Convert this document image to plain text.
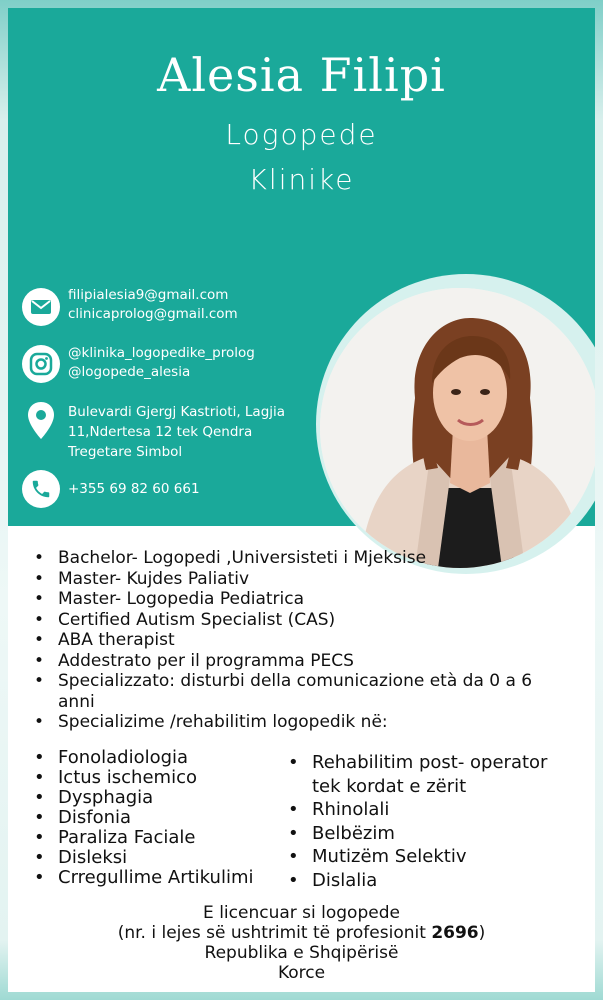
Alesia Filipi
Logopede
Klinike
filipialesia9@gmail.com
clinicaprolog@gmail.com
@klinika_logopedike_prolog
@logopede_alesia
Bulevardi Gjergj Kastrioti, Lagjia
11,Ndertesa 12 tek Qendra
Tregetare Simbol
+355 69 82 60 661
• Bachelor- Logopedi ,Universisteti i Mjeksise
• Master- Kujdes Paliativ
• Master- Logopedia Pediatrica
• Certified Autism Specialist (CAS)
• ABA therapist
• Addestrato per il programma PECS
• Specializzato: disturbi della comunicazione età da 0 a 6 anni
• Specializime /rehabilitim logopedik në:
• Fonoladiologia
• Ictus ischemico
• Dysphagia
• Disfonia
• Paraliza Faciale
• Disleksi
• Crregullime Artikulimi
• Rehabilitim post- operator tek kordat e zërit
• Rhinolali
• Belbëzim
• Mutizëm Selektiv
• Dislalia
E licencuar si logopede
(nr. i lejes së ushtrimit të profesionit 2696)
Republika e Shqipërisë
Korce
